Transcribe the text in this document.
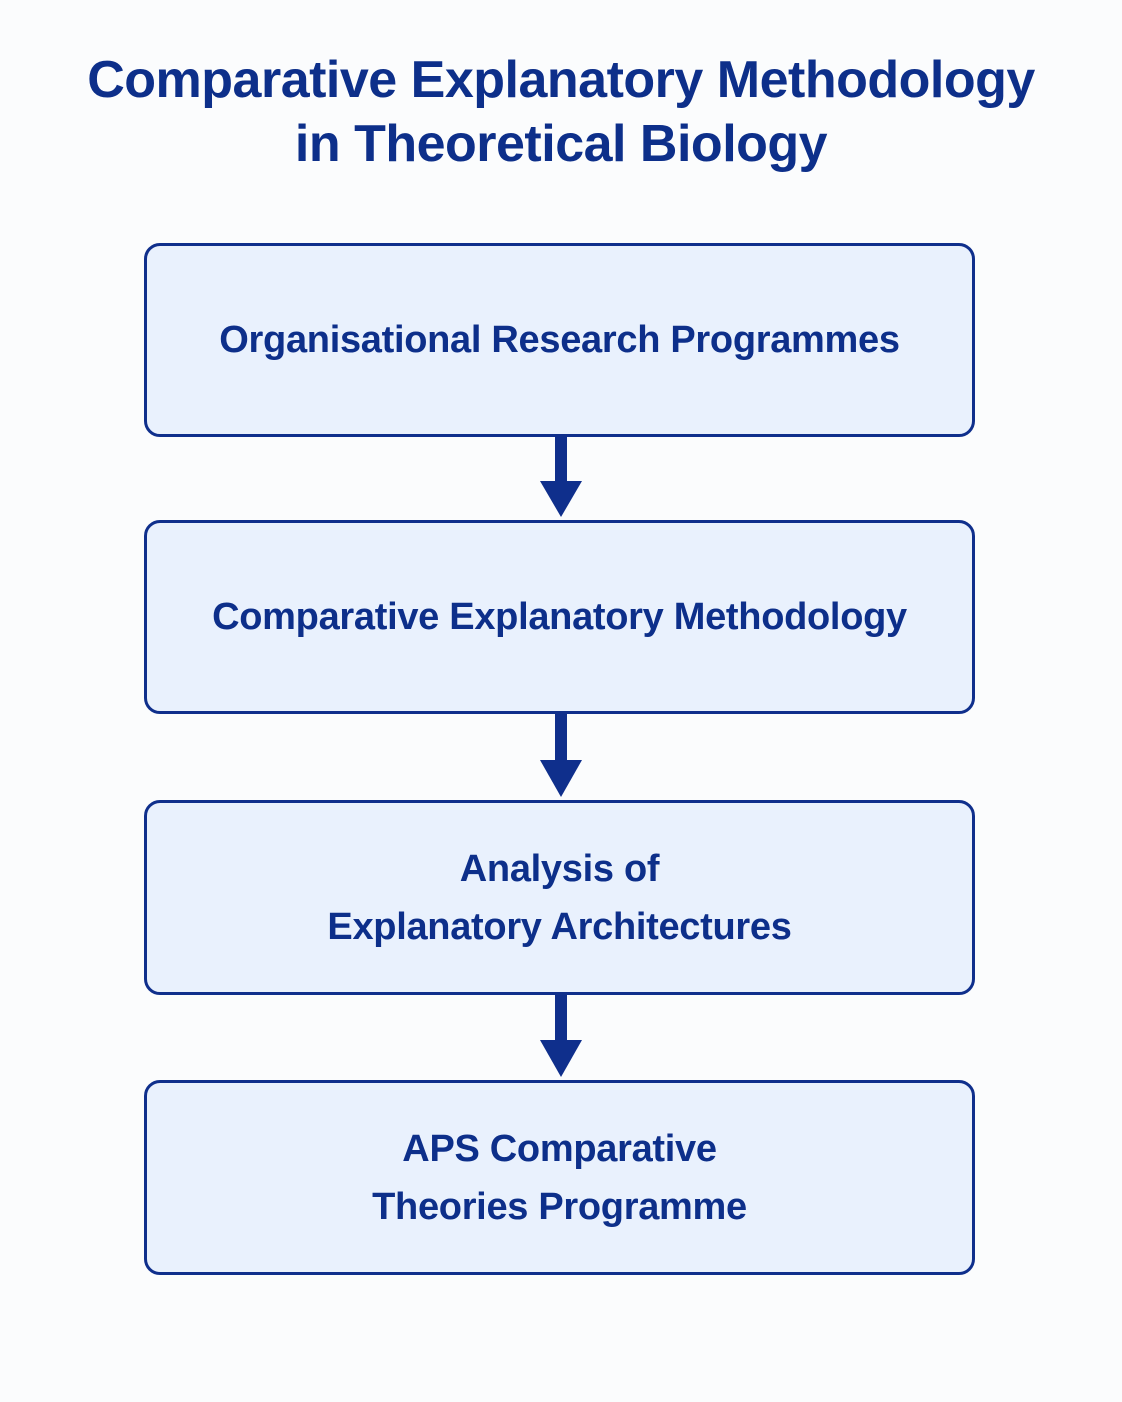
Comparative Explanatory Methodology
in Theoretical Biology
Organisational Research Programmes
Comparative Explanatory Methodology
Analysis of
Explanatory Architectures
APS Comparative
Theories Programme
